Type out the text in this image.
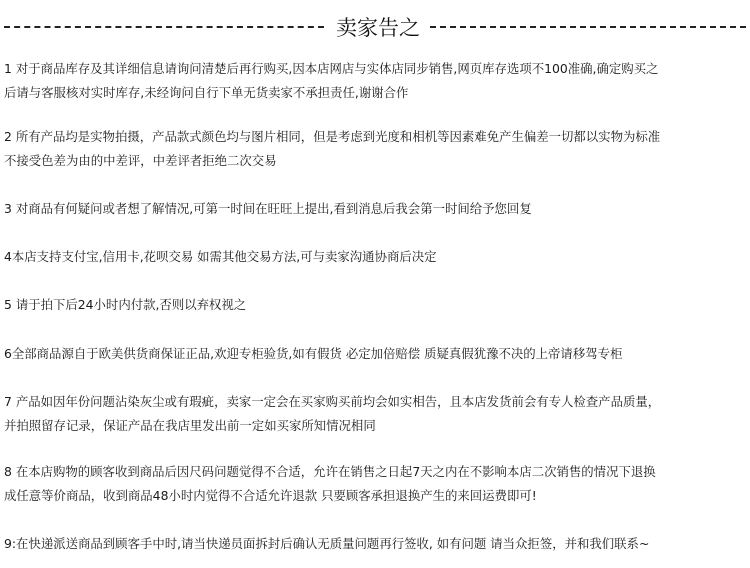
卖家告之
1 对于商品库存及其详细信息请询问清楚后再行购买,因本店网店与实体店同步销售,网页库存选项不100准确,确定购买之
后请与客服核对实时库存,未经询问自行下单无货卖家不承担责任,谢谢合作
2 所有产品均是实物拍摄，产品款式颜色均与图片相同，但是考虑到光度和相机等因素难免产生偏差一切都以实物为标准
不接受色差为由的中差评，中差评者拒绝二次交易
3 对商品有何疑问或者想了解情况,可第一时间在旺旺上提出,看到消息后我会第一时间给予您回复
4本店支持支付宝,信用卡,花呗交易 如需其他交易方法,可与卖家沟通协商后决定
5 请于拍下后24小时内付款,否则以弃权视之
6全部商品源自于欧美供货商保证正品,欢迎专柜验货,如有假货 必定加倍赔偿 质疑真假犹豫不决的上帝请移驾专柜
7 产品如因年份问题沾染灰尘或有瑕疵，卖家一定会在买家购买前均会如实相告，且本店发货前会有专人检查产品质量，
并拍照留存记录，保证产品在我店里发出前一定如买家所知情况相同
8 在本店购物的顾客收到商品后因尺码问题觉得不合适，允许在销售之日起7天之内在不影响本店二次销售的情况下退换
成任意等价商品，收到商品48小时内觉得不合适允许退款 只要顾客承担退换产生的来回运费即可!
9:在快递派送商品到顾客手中时,请当快递员面拆封后确认无质量问题再行签收, 如有问题 请当众拒签，并和我们联系~
